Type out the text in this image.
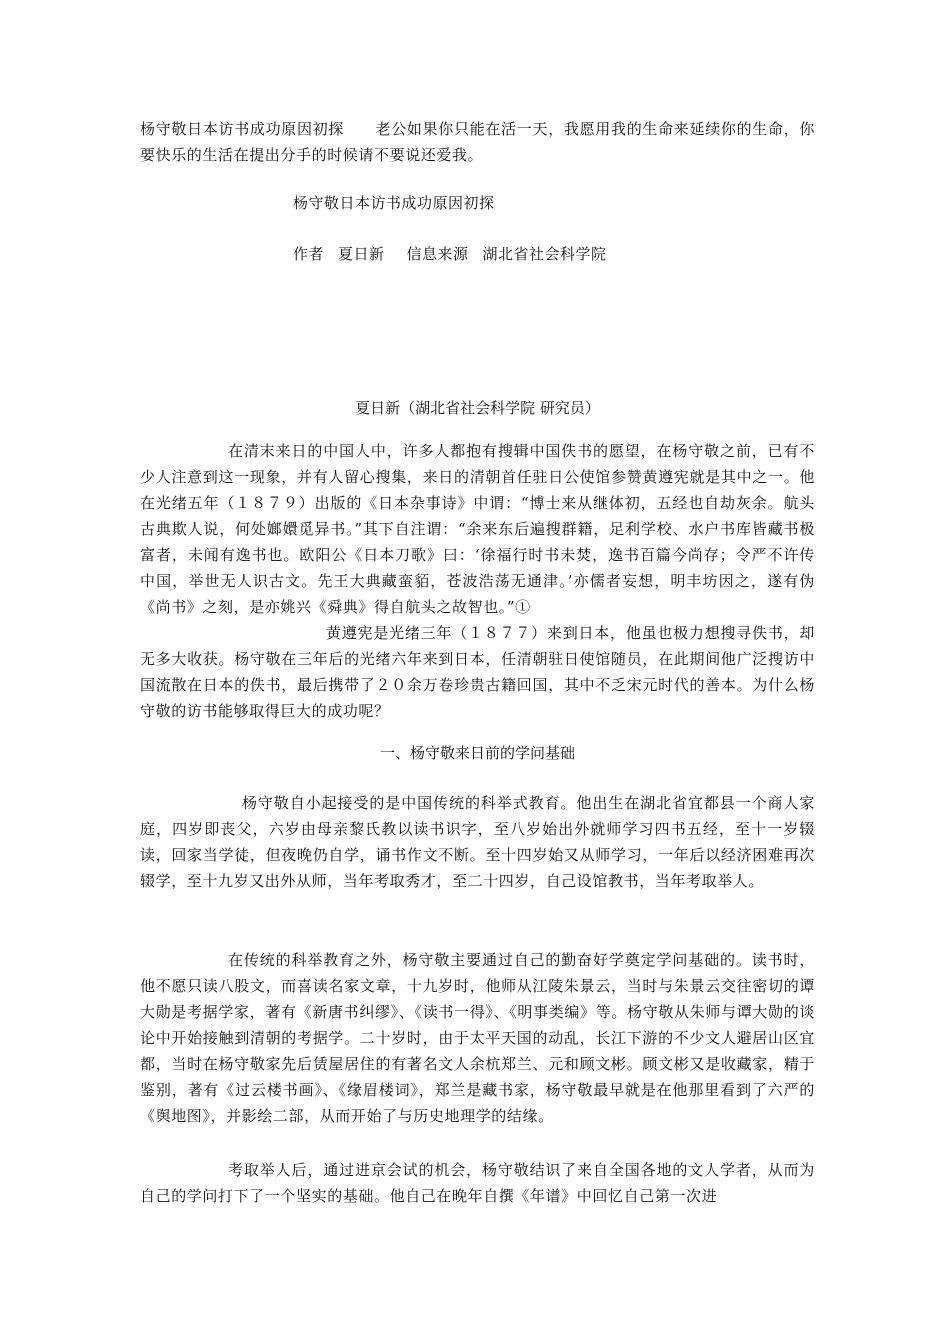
杨守敬日本访书成功原因初探　　老公如果你只能在活一天，我愿用我的生命来延续你的生命，你要快乐的生活在提出分手的时候请不要说还爱我。

杨守敬日本访书成功原因初探

作者 夏日新 信息来源 湖北省社会科学院

夏日新（湖北省社会科学院 研究员）

在清末来日的中国人中，许多人都抱有搜辑中国佚书的愿望，在杨守敬之前，已有不少人注意到这一现象，并有人留心搜集，来日的清朝首任驻日公使馆参赞黄遵宪就是其中之一。他在光绪五年（１８７９）出版的《日本杂事诗》中谓：“博士来从继体初，五经也自劫灰余。航头古典欺人说，何处嫏嬛觅异书。”其下自注谓：“余来东后遍搜群籍，足利学校、水户书库皆藏书极富者，未闻有逸书也。欧阳公《日本刀歌》曰：‘徐福行时书未焚，逸书百篇今尚存；令严不许传中国，举世无人识古文。先王大典藏蛮貊，苍波浩荡无通津。’亦儒者妄想，明丰坊因之，遂有伪《尚书》之刻，是亦姚兴《舜典》得自航头之故智也。”①

黄遵宪是光绪三年（１８７７）来到日本，他虽也极力想搜寻佚书，却无多大收获。杨守敬在三年后的光绪六年来到日本，任清朝驻日使馆随员，在此期间他广泛搜访中国流散在日本的佚书，最后携带了２０余万卷珍贵古籍回国，其中不乏宋元时代的善本。为什么杨守敬的访书能够取得巨大的成功呢？

一、杨守敬来日前的学问基础

杨守敬自小起接受的是中国传统的科举式教育。他出生在湖北省宜都县一个商人家庭，四岁即丧父，六岁由母亲黎氏教以读书识字，至八岁始出外就师学习四书五经，至十一岁辍读，回家当学徒，但夜晚仍自学，诵书作文不断。至十四岁始又从师学习，一年后以经济困难再次辍学，至十九岁又出外从师，当年考取秀才，至二十四岁，自己设馆教书，当年考取举人。

在传统的科举教育之外，杨守敬主要通过自己的勤奋好学奠定学问基础的。读书时，他不愿只读八股文，而喜读名家文章，十九岁时，他师从江陵朱景云，当时与朱景云交往密切的谭大勋是考据学家，著有《新唐书纠缪》、《读书一得》、《明事类编》等。杨守敬从朱师与谭大勋的谈论中开始接触到清朝的考据学。二十岁时，由于太平天国的动乱，长江下游的不少文人避居山区宜都，当时在杨守敬家先后赁屋居住的有著名文人余杭郑兰、元和顾文彬。顾文彬又是收藏家，精于鉴别，著有《过云楼书画》、《缘眉楼词》，郑兰是藏书家，杨守敬最早就是在他那里看到了六严的《舆地图》，并影绘二部，从而开始了与历史地理学的结缘。

考取举人后，通过进京会试的机会，杨守敬结识了来自全国各地的文人学者，从而为自己的学问打下了一个坚实的基础。他自己在晚年自撰《年谱》中回忆自己第一次进
